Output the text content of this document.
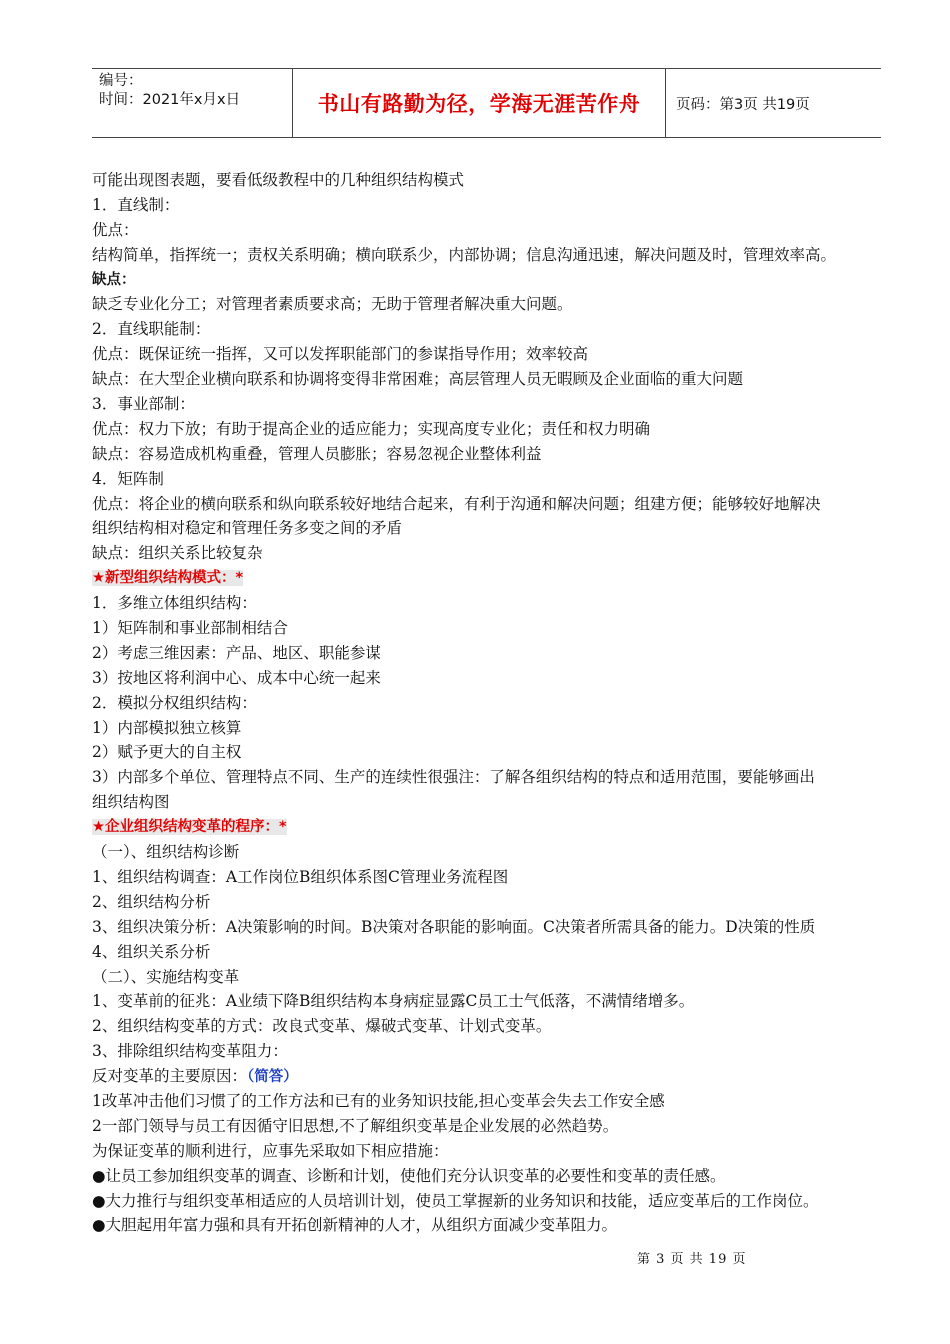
编号：
时间：2021年x月x日	书山有路勤为径，学海无涯苦作舟 页码：第3页 共19页
可能出现图表题，要看低级教程中的几种组织结构模式
1．直线制：
优点：
结构简单，指挥统一；责权关系明确；横向联系少，内部协调；信息沟通迅速，解决问题及时，管理效率高。
缺点：
缺乏专业化分工；对管理者素质要求高；无助于管理者解决重大问题。
2．直线职能制：
优点：既保证统一指挥，又可以发挥职能部门的参谋指导作用；效率较高
缺点：在大型企业横向联系和协调将变得非常困难；高层管理人员无暇顾及企业面临的重大问题
3．事业部制：
优点：权力下放；有助于提高企业的适应能力；实现高度专业化；责任和权力明确
缺点：容易造成机构重叠，管理人员膨胀；容易忽视企业整体利益
4．矩阵制
优点：将企业的横向联系和纵向联系较好地结合起来，有利于沟通和解决问题；组建方便；能够较好地解决
组织结构相对稳定和管理任务多变之间的矛盾
缺点：组织关系比较复杂
★新型组织结构模式：*
1．多维立体组织结构：
1）矩阵制和事业部制相结合
2）考虑三维因素：产品、地区、职能参谋
3）按地区将利润中心、成本中心统一起来
2．模拟分权组织结构：
1）内部模拟独立核算
2）赋予更大的自主权
3）内部多个单位、管理特点不同、生产的连续性很强注：了解各组织结构的特点和适用范围，要能够画出
组织结构图
★企业组织结构变革的程序：*
（一）、组织结构诊断
1、组织结构调查：A工作岗位B组织体系图C管理业务流程图
2、组织结构分析
3、组织决策分析：A决策影响的时间。B决策对各职能的影响面。C决策者所需具备的能力。D决策的性质
4、组织关系分析
（二）、实施结构变革
1、变革前的征兆：A业绩下降B组织结构本身病症显露C员工士气低落，不满情绪增多。
2、组织结构变革的方式：改良式变革、爆破式变革、计划式变革。
3、排除组织结构变革阻力：
反对变革的主要原因：（简答）
1改革冲击他们习惯了的工作方法和已有的业务知识技能,担心变革会失去工作安全感
2一部门领导与员工有因循守旧思想,不了解组织变革是企业发展的必然趋势。
为保证变革的顺利进行，应事先采取如下相应措施：
●让员工参加组织变革的调查、诊断和计划，使他们充分认识变革的必要性和变革的责任感。
●大力推行与组织变革相适应的人员培训计划，使员工掌握新的业务知识和技能，适应变革后的工作岗位。
●大胆起用年富力强和具有开拓创新精神的人才，从组织方面减少变革阻力。
第 3 页 共 19 页
